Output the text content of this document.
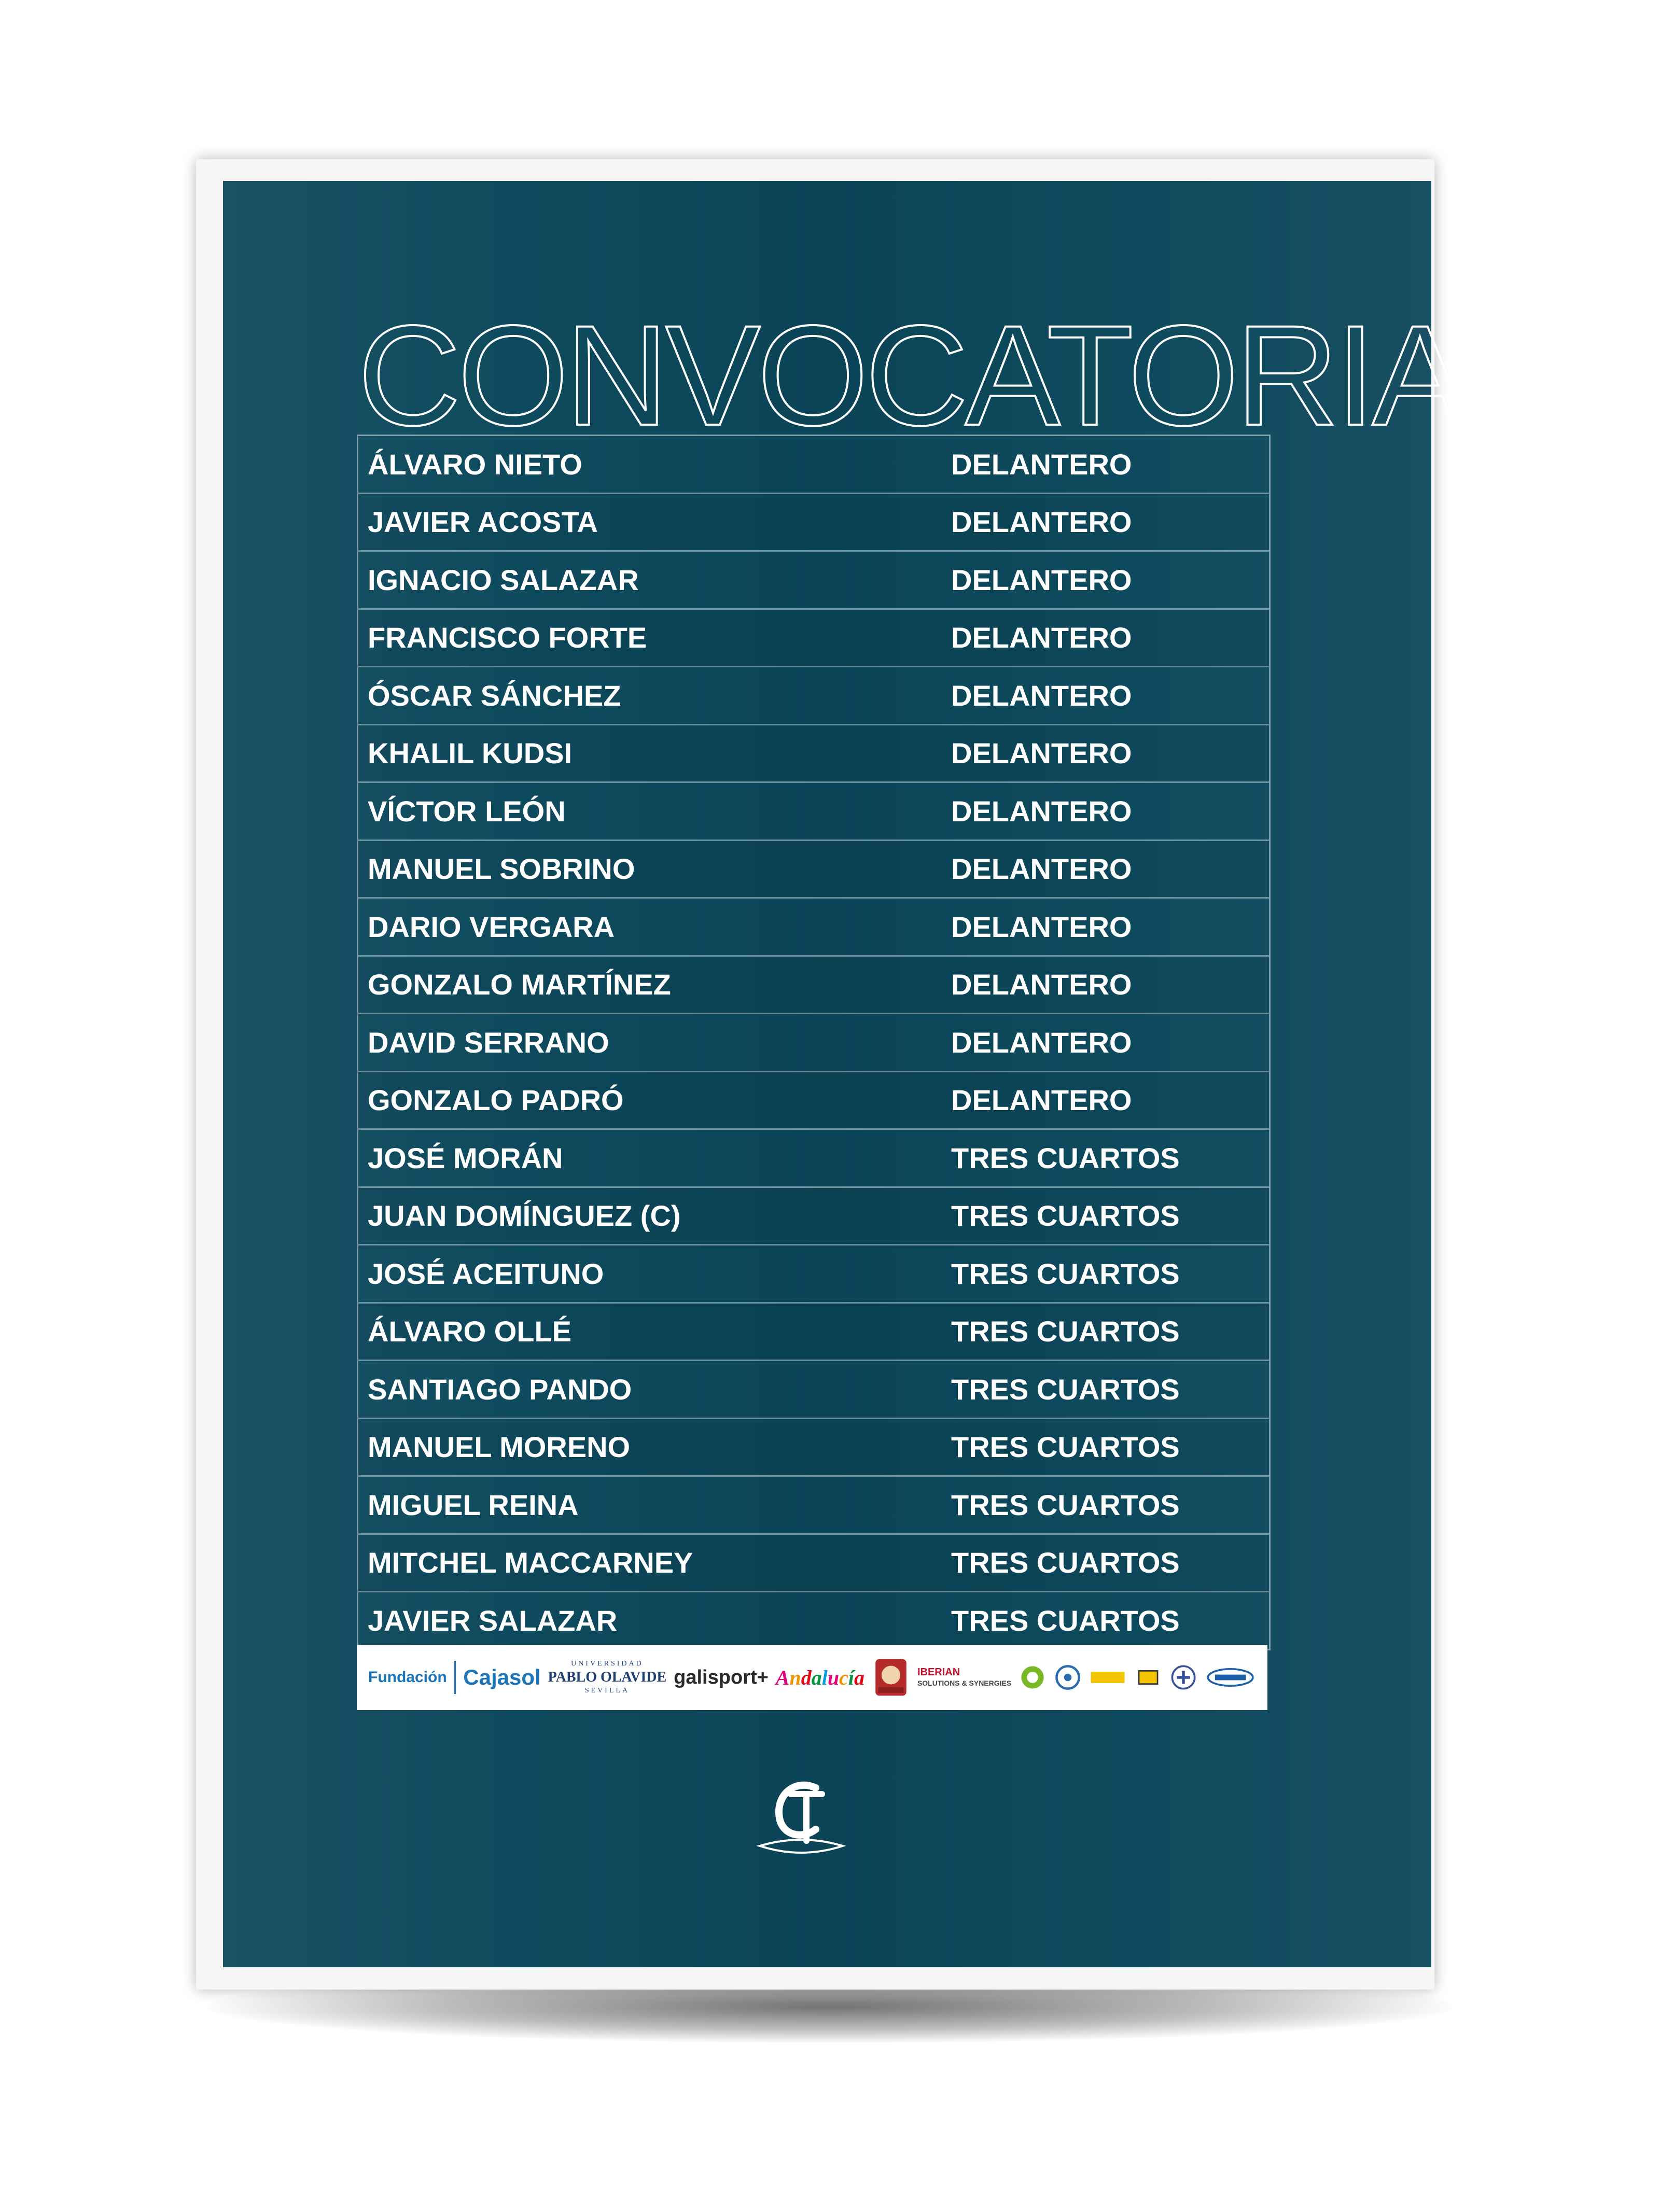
CONVOCATORIA
ÁLVARO NIETO	DELANTERO
JAVIER ACOSTA	DELANTERO
IGNACIO SALAZAR	DELANTERO
FRANCISCO FORTE	DELANTERO
ÓSCAR SÁNCHEZ	DELANTERO
KHALIL KUDSI	DELANTERO
VÍCTOR LEÓN	DELANTERO
MANUEL SOBRINO	DELANTERO
DARIO VERGARA	DELANTERO
GONZALO MARTÍNEZ	DELANTERO
DAVID SERRANO	DELANTERO
GONZALO PADRÓ	DELANTERO
JOSÉ MORÁN	TRES CUARTOS
JUAN DOMÍNGUEZ (C)	TRES CUARTOS
JOSÉ ACEITUNO	TRES CUARTOS
ÁLVARO OLLÉ	TRES CUARTOS
SANTIAGO PANDO	TRES CUARTOS
MANUEL MORENO	TRES CUARTOS
MIGUEL REINA	TRES CUARTOS
MITCHEL MACCARNEY	TRES CUARTOS
JAVIER SALAZAR	TRES CUARTOS
Fundación Cajasol
UNIVERSIDAD
PABLO OLAVIDE
SEVILLA
galisport+ Andalucía	IBERIAN
SOLUTIONS & SYNERGIES
